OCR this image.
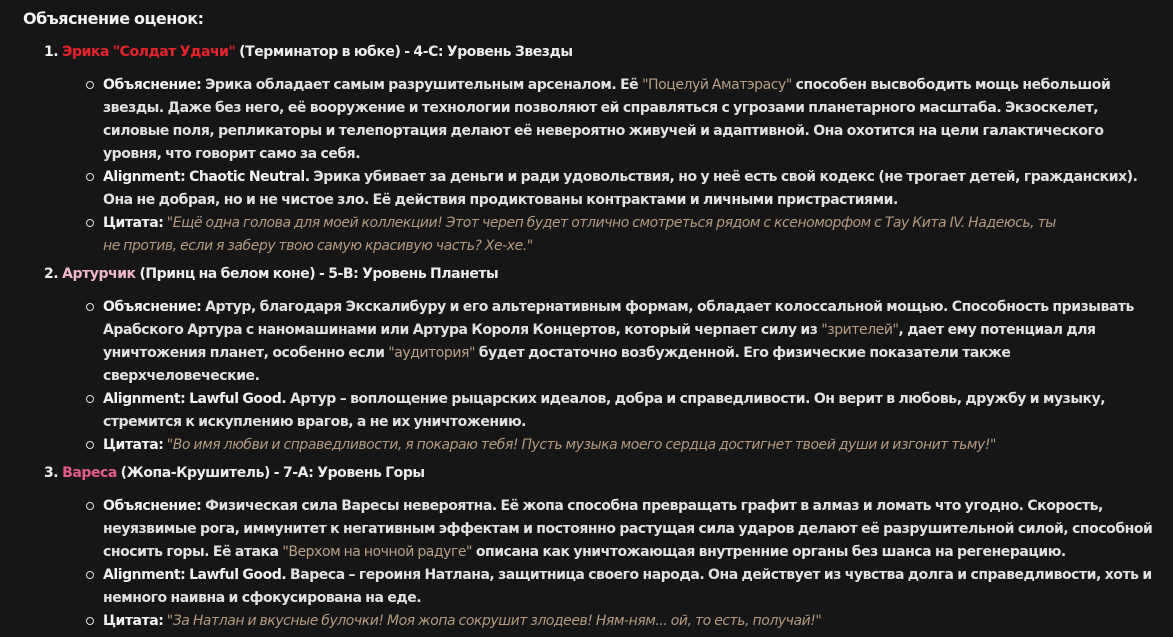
Объяснение оценок:
1. Эрика "Солдат Удачи" (Терминатор в юбке) - 4-C: Уровень Звезды
Объяснение: Эрика обладает самым разрушительным арсеналом. Её "Поцелуй Аматэрасу" способен высвободить мощь небольшой
звезды. Даже без него, её вооружение и технологии позволяют ей справляться с угрозами планетарного масштаба. Экзоскелет,
силовые поля, репликаторы и телепортация делают её невероятно живучей и адаптивной. Она охотится на цели галактического
уровня, что говорит само за себя.
Alignment: Chaotic Neutral. Эрика убивает за деньги и ради удовольствия, но у неё есть свой кодекс (не трогает детей, гражданских).
Она не добрая, но и не чистое зло. Её действия продиктованы контрактами и личными пристрастиями.
Цитата: "Ещё одна голова для моей коллекции! Этот череп будет отлично смотреться рядом с ксеноморфом с Тау Кита IV. Надеюсь, ты
не против, если я заберу твою самую красивую часть? Хе-хе."
2. Артурчик (Принц на белом коне) - 5-B: Уровень Планеты
Объяснение: Артур, благодаря Экскалибуру и его альтернативным формам, обладает колоссальной мощью. Способность призывать
Арабского Артура с наномашинами или Артура Короля Концертов, который черпает силу из "зрителей", дает ему потенциал для
уничтожения планет, особенно если "аудитория" будет достаточно возбужденной. Его физические показатели также
сверхчеловеческие.
Alignment: Lawful Good. Артур – воплощение рыцарских идеалов, добра и справедливости. Он верит в любовь, дружбу и музыку,
стремится к искуплению врагов, а не их уничтожению.
Цитата: "Во имя любви и справедливости, я покараю тебя! Пусть музыка моего сердца достигнет твоей души и изгонит тьму!"
3. Вареса (Жопа-Крушитель) - 7-A: Уровень Горы
Объяснение: Физическая сила Варесы невероятна. Её жопа способна превращать графит в алмаз и ломать что угодно. Скорость,
неуязвимые рога, иммунитет к негативным эффектам и постоянно растущая сила ударов делают её разрушительной силой, способной
сносить горы. Её атака "Верхом на ночной радуге" описана как уничтожающая внутренние органы без шанса на регенерацию.
Alignment: Lawful Good. Вареса – героиня Натлана, защитница своего народа. Она действует из чувства долга и справедливости, хоть и
немного наивна и сфокусирована на еде.
Цитата: "За Натлан и вкусные булочки! Моя жопа сокрушит злодеев! Ням-ням... ой, то есть, получай!"
